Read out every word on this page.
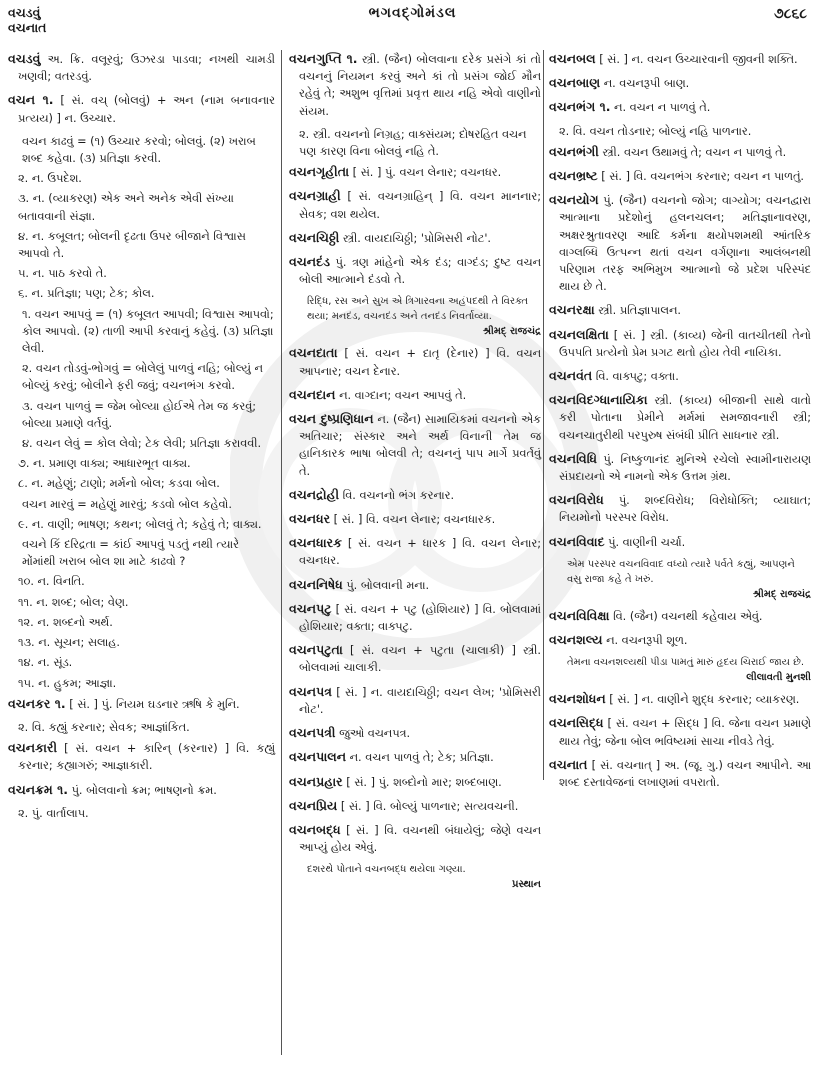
વચડવું
વચનાત
ભગવદ્ગોમંડલ	૭૮૬૮
વચડવું અ. ક્રિ. વલૂરવું; ઉઝરડા પાડવા; નખથી ચામડી ખણવી; વતરડવું.
વચન ૧. [ સં. વચ્ (બોલવું) + અન (નામ બનાવનાર પ્રત્યય) ] ન. ઉચ્ચાર.
વચન કાઢવું = (૧) ઉચ્ચાર કરવો; બોલવું. (૨) ખરાબ શબ્દ કહેવા. (૩) પ્રતિજ્ઞા કરવી.
૨. ન. ઉપદેશ.
૩. ન. (વ્યાકરણ) એક અને અનેક એવી સંખ્યા બતાવવાની સંજ્ઞા.
૪. ન. કબૂલત; બોલની દૃઢતા ઉપર બીજાને વિશ્વાસ આપવો તે.
૫. ન. પાઠ કરવો તે.
૬. ન. પ્રતિજ્ઞા; પણ; ટેક; કોલ.
૧. વચન આપવું = (૧) કબૂલત આપવી; વિશ્વાસ આપવો; કોલ આપવો. (૨) તાળી આપી કરવાનું કહેવું. (૩) પ્રતિજ્ઞા લેવી.
૨. વચન તોડવું-ભોગવું = બોલેલું પાળવું નહિ; બોલ્યું ન બોલ્યું કરવું; બોલીને ફરી જવું; વચનભંગ કરવો.
૩. વચન પાળવું = જેમ બોલ્યા હોઈએ તેમ જ કરવું; બોલ્યા પ્રમાણે વર્તવું.
૪. વચન લેવું = કોલ લેવો; ટેક લેવી; પ્રતિજ્ઞા કરાવવી.
૭. ન. પ્રમાણ વાક્ય; આધારભૂત વાક્ય.
૮. ન. મહેણું; ટાણો; મર્મનો બોલ; કડવા બોલ.
વચન મારવું = મહેણું મારવું; કડવો બોલ કહેવો.
૯. ન. વાણી; ભાષણ; કથન; બોલવું તે; કહેવું તે; વાક્ય.
વચને કિં દરિદ્રતા = કાંઈ આપવું પડતું નથી ત્યારે મોંમાંથી ખરાબ બોલ શા માટે કાઢવો ?
૧૦. ન. વિનતિ.
૧૧. ન. શબ્દ; બોલ; વેણ.
૧૨. ન. શબ્દનો અર્થ.
૧૩. ન. સૂચન; સલાહ.
૧૪. ન. સૂંડ.
૧૫. ન. હુકમ; આજ્ઞા.
વચનકર ૧. [ સં. ] પું. નિયમ ઘડનાર ઋષિ કે મુનિ.
૨. વિ. કહ્યું કરનાર; સેવક; આજ્ઞાંકિત.
વચનકારી [ સં. વચન + કારિન્ (કરનાર) ] વિ. કહ્યું કરનાર; કહ્યાગરું; આજ્ઞાકારી.
વચનક્રમ ૧. પું. બોલવાનો ક્રમ; ભાષણનો ક્રમ.
૨. પું. વાર્તાલાપ.
વચનગુપ્તિ ૧. સ્ત્રી. (જૈન) બોલવાના દરેક પ્રસંગે કાં તો વચનનું નિયમન કરવું અને કાં તો પ્રસંગ જોઈ મૌન રહેવું તે; અશુભ વૃત્તિમાં પ્રવૃત્ત થાય નહિ એવો વાણીનો સંયમ.
૨. સ્ત્રી. વચનનો નિગ્રહ; વાક્સંયમ; દોષરહિત વચન પણ કારણ વિના બોલવું નહિ તે.
વચનગૃહીતા [ સં. ] પું. વચન લેનાર; વચનધર.
વચનગ્રાહી [ સં. વચનગ્રાહિન્ ] વિ. વચન માનનાર; સેવક; વશ થયેલ.
વચનચિઠ્ઠી સ્ત્રી. વાયદાચિઠ્ઠી; 'પ્રોમિસરી નોટ'.
વચનદંડ પું. ત્રણ માંહેનો એક દંડ; વાગ્દંડ; દુષ્ટ વચન બોલી આત્માને દંડવો તે.
રિદ્ધિ, રસ અને સુખ એ ત્રિગારવના અહંપદથી તે વિરક્ત થયા; મનદંડ, વચનદંડ અને તનદંડ નિવર્તાવ્યા.
શ્રીમદ્ રાજચંદ્ર
વચનદાતા [ સં. વચન + દાતૃ (દેનાર) ] વિ. વચન આપનાર; વચન દેનાર.
વચનદાન ન. વાગ્દાન; વચન આપવું તે.
વચન દુષ્પ્રણિધાન ન. (જૈન) સામાયિકમાં વચનનો એક અતિચાર; સંસ્કાર અને અર્થ વિનાની તેમ જ હાનિકારક ભાષા બોલવી તે; વચનનું પાપ માર્ગે પ્રવર્તવું તે.
વચનદ્રોહી વિ. વચનનો ભંગ કરનાર.
વચનધર [ સં. ] વિ. વચન લેનાર; વચનધારક.
વચનધારક [ સં. વચન + ધારક ] વિ. વચન લેનાર; વચનધર.
વચનનિષેધ પું. બોલવાની મના.
વચનપટુ [ સં. વચન + પટુ (હોશિયાર) ] વિ. બોલવામાં હોશિયાર; વક્તા; વાક્પટુ.
વચનપટુતા [ સં. વચન + પટુતા (ચાલાકી) ] સ્ત્રી. બોલવામાં ચાલાકી.
વચનપત્ર [ સં. ] ન. વાયદાચિઠ્ઠી; વચન લેખ; 'પ્રોમિસરી નોટ'.
વચનપત્રી જુઓ વચનપત્ર.
વચનપાલન ન. વચન પાળવું તે; ટેક; પ્રતિજ્ઞા.
વચનપ્રહાર [ સં. ] પું. શબ્દોનો માર; શબ્દબાણ.
વચનપ્રિય [ સં. ] વિ. બોલ્યું પાળનાર; સત્યવચની.
વચનબદ્ધ [ સં. ] વિ. વચનથી બંધાયેલું; જેણે વચન આપ્યું હોય એવું.
દશરથે પોતાને વચનબદ્ધ થયેલા ગણ્યા.
પ્રસ્થાન
વચનબલ [ સં. ] ન. વચન ઉચ્ચારવાની જીવની શક્તિ.
વચનબાણ ન. વચનરૂપી બાણ.
વચનભંગ ૧. ન. વચન ન પાળવું તે.
૨. વિ. વચન તોડનાર; બોલ્યું નહિ પાળનાર.
વચનભંગી સ્ત્રી. વચન ઉથામવું તે; વચન ન પાળવું તે.
વચનભ્રષ્ટ [ સં. ] વિ. વચનભંગ કરનાર; વચન ન પાળતું.
વચનયોગ પું. (જૈન) વચનનો જોગ; વાગ્યોગ; વચનદ્વારા આત્માના પ્રદેશોનું હલનચલન; મતિજ્ઞાનાવરણ, અક્ષરશ્રુતાવરણ આદિ કર્મના ક્ષયોપશમથી આંતરિક વાગ્લબ્ધિ ઉત્પન્ન થતાં વચન વર્ગણાના આલંબનથી પરિણામ તરફ અભિમુખ આત્માનો જે પ્રદેશ પરિસ્પંદ થાય છે તે.
વચનરક્ષા સ્ત્રી. પ્રતિજ્ઞાપાલન.
વચનલક્ષિતા [ સં. ] સ્ત્રી. (કાવ્ય) જેની વાતચીતથી તેનો ઉપપતિ પ્રત્યેનો પ્રેમ પ્રગટ થતો હોય તેવી નાયિકા.
વચનવંત વિ. વાક્પટુ; વક્તા.
વચનવિદગ્ધાનાયિકા સ્ત્રી. (કાવ્ય) બીજાની સાથે વાતો કરી પોતાના પ્રેમીને મર્મમાં સમજાવનારી સ્ત્રી; વચનચાતુરીથી પરપુરુષ સંબંધી પ્રીતિ સાધનાર સ્ત્રી.
વચનવિધિ પું. નિષ્કુળાનંદ મુનિએ રચેલો સ્વામીનારાયણ સંપ્રદાયનો એ નામનો એક ઉત્તમ ગ્રંથ.
વચનવિરોધ પું. શબ્દવિરોધ; વિરોધોક્તિ; વ્યાઘાત; નિયમોનો પરસ્પર વિરોધ.
વચનવિવાદ પું. વાણીની ચર્ચા.
એમ પરસ્પર વચનવિવાદ વધ્યો ત્યારે પર્વતે કહ્યું, આપણને વસુ રાજા કહે તે ખરું.
શ્રીમદ્ રાજચંદ્ર
વચનવિવિક્ષા વિ. (જૈન) વચનથી કહેવાય એવું.
વચનશલ્ય ન. વચનરૂપી શૂળ.
તેમના વચનશલ્યથી પીડા પામતું મારું હૃદય ચિરાઈ જાય છે.
લીલાવતી મુનશી
વચનશોધન [ સં. ] ન. વાણીને શુદ્ધ કરનાર; વ્યાકરણ.
વચનસિદ્ધ [ સં. વચન + સિદ્ધ ] વિ. જેના વચન પ્રમાણે થાય તેવું; જેના બોલ ભવિષ્યમાં સાચા નીવડે તેવું.
વચનાત [ સં. વચનાત્ ] અ. (જૂ. ગુ.) વચન આપીને. આ શબ્દ દસ્તાવેજનાં લખાણમાં વપરાતો.
